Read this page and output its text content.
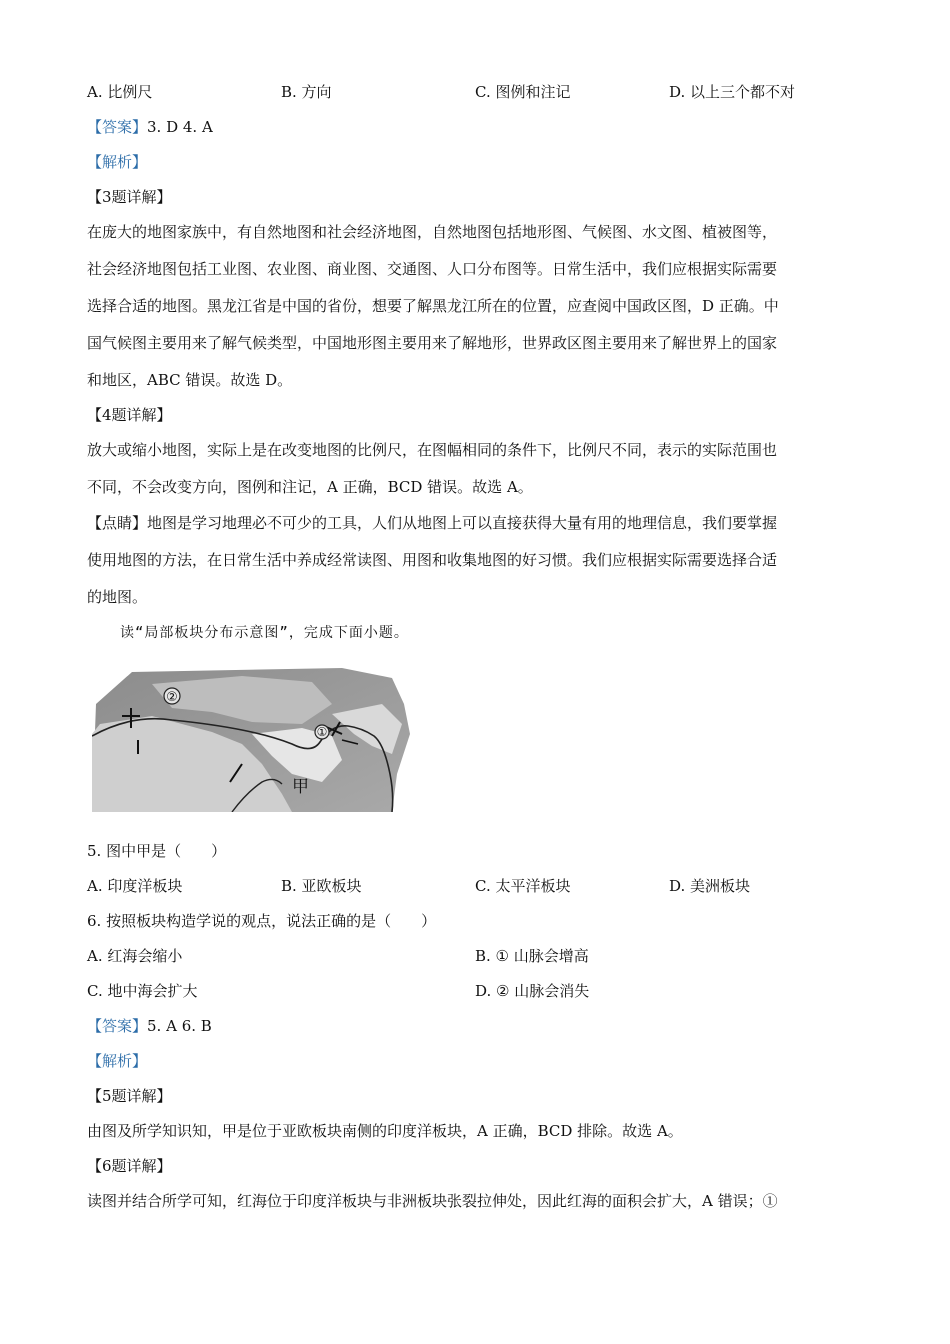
A. 比例尺	B. 方向	C. 图例和注记	D. 以上三个都不对
【答案】3. D 4. A
【解析】
【3题详解】
在庞大的地图家族中，有自然地图和社会经济地图，自然地图包括地形图、气候图、水文图、植被图等，
社会经济地图包括工业图、农业图、商业图、交通图、人口分布图等。日常生活中，我们应根据实际需要
选择合适的地图。黑龙江省是中国的省份，想要了解黑龙江所在的位置，应查阅中国政区图，D 正确。中
国气候图主要用来了解气候类型，中国地形图主要用来了解地形，世界政区图主要用来了解世界上的国家
和地区，ABC 错误。故选 D。
【4题详解】
放大或缩小地图，实际上是在改变地图的比例尺，在图幅相同的条件下，比例尺不同，表示的实际范围也
不同，不会改变方向，图例和注记，A 正确，BCD 错误。故选 A。
【点睛】地图是学习地理必不可少的工具，人们从地图上可以直接获得大量有用的地理信息，我们要掌握
使用地图的方法，在日常生活中养成经常读图、用图和收集地图的好习惯。我们应根据实际需要选择合适
的地图。
读“局部板块分布示意图”，完成下面小题。
②
①
甲
5. 图中甲是（　　）
A. 印度洋板块	B. 亚欧板块	C. 太平洋板块	D. 美洲板块
6. 按照板块构造学说的观点，说法正确的是（　　）
A. 红海会缩小	B. ① 山脉会增高
C. 地中海会扩大	D. ② 山脉会消失
【答案】5. A 6. B
【解析】
【5题详解】
由图及所学知识知，甲是位于亚欧板块南侧的印度洋板块，A 正确，BCD 排除。故选 A。
【6题详解】
读图并结合所学可知，红海位于印度洋板块与非洲板块张裂拉伸处，因此红海的面积会扩大，A 错误；①
